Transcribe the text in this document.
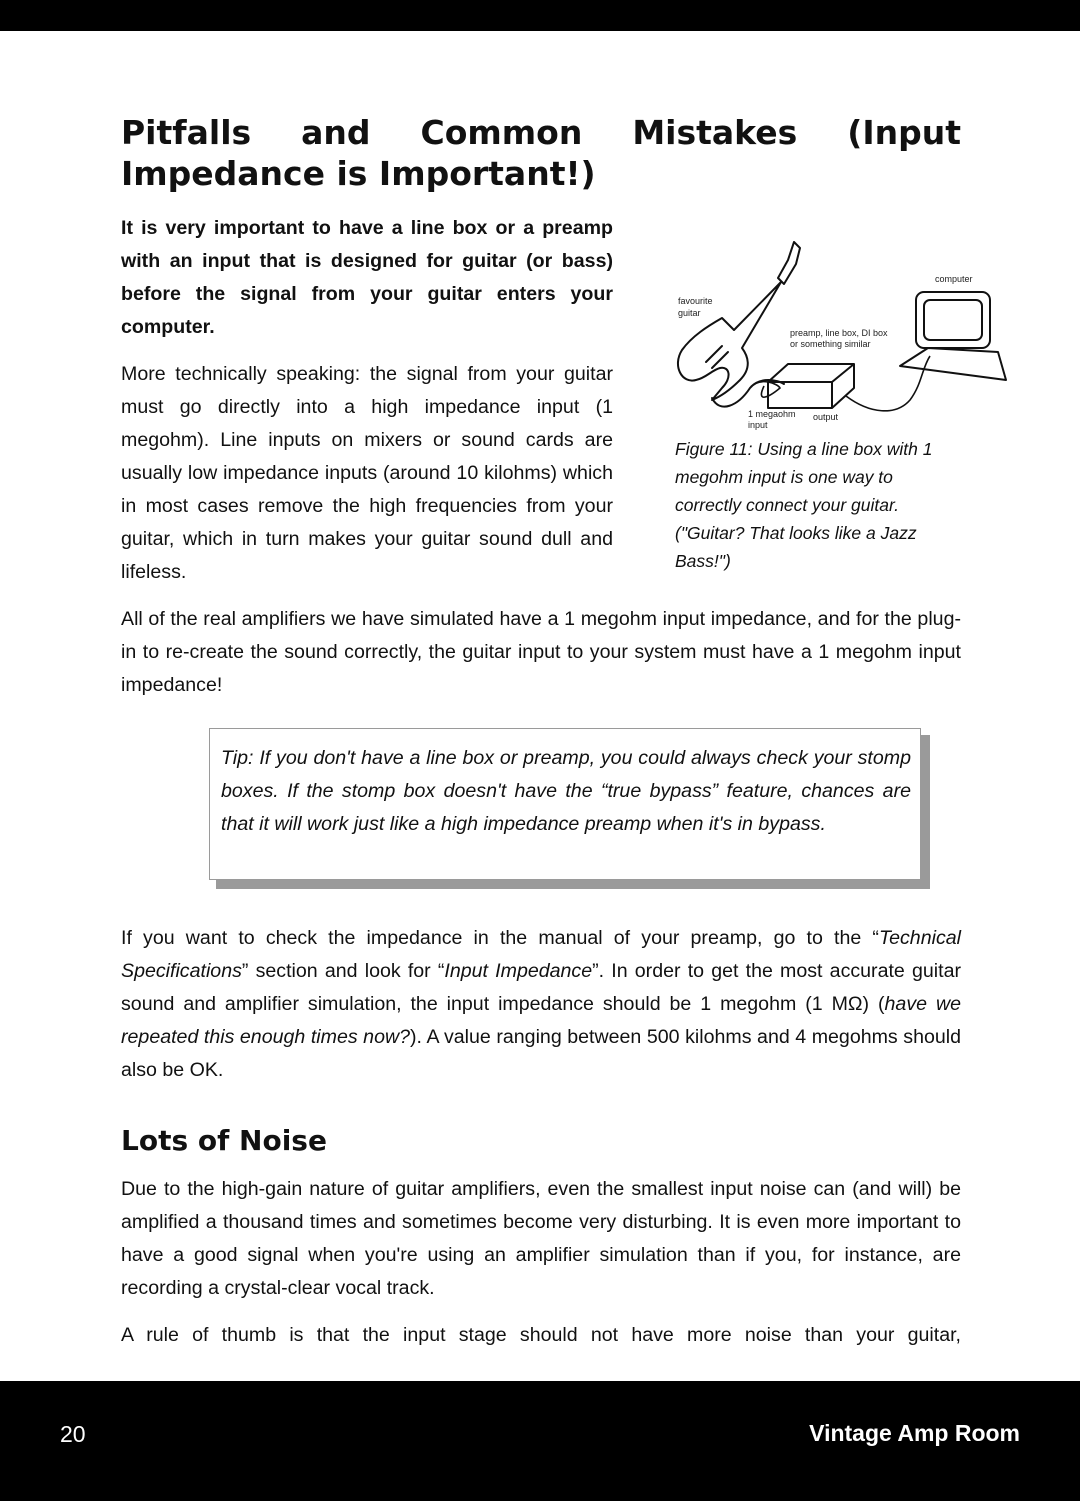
Pitfalls and Common Mistakes (Input Impedance is Important!)

It is very important to have a line box or a preamp with an input that is designed for guitar (or bass) before the signal from your guitar enters your computer.

More technically speaking: the signal from your guitar must go directly into a high impedance input (1 megohm). Line inputs on mixers or sound cards are usually low impedance inputs (around 10 kilohms) which in most cases remove the high frequencies from your guitar, which in turn makes your guitar sound dull and lifeless.

favourite
guitar
computer
preamp, line box, DI box
or something similar
1 megaohm
input
output

Figure 11: Using a line box with 1 megohm input is one way to correctly connect your guitar. ("Guitar? That looks like a Jazz Bass!")

All of the real amplifiers we have simulated have a 1 megohm input impedance, and for the plug-in to re-create the sound correctly, the guitar input to your system must have a 1 megohm input impedance!

Tip: If you don't have a line box or preamp, you could always check your stomp boxes. If the stomp box doesn't have the “true bypass” feature, chances are that it will work just like a high impedance preamp when it's in bypass.

If you want to check the impedance in the manual of your preamp, go to the “Technical Specifications” section and look for “Input Impedance”. In order to get the most accurate guitar sound and amplifier simulation, the input impedance should be 1 megohm (1 MΩ) (have we repeated this enough times now?). A value ranging between 500 kilohms and 4 megohms should also be OK.

Lots of Noise

Due to the high-gain nature of guitar amplifiers, even the smallest input noise can (and will) be amplified a thousand times and sometimes become very disturbing. It is even more important to have a good signal when you're using an amplifier simulation than if you, for instance, are recording a crystal-clear vocal track.

A rule of thumb is that the input stage should not have more noise than your guitar,

20	Vintage Amp Room
